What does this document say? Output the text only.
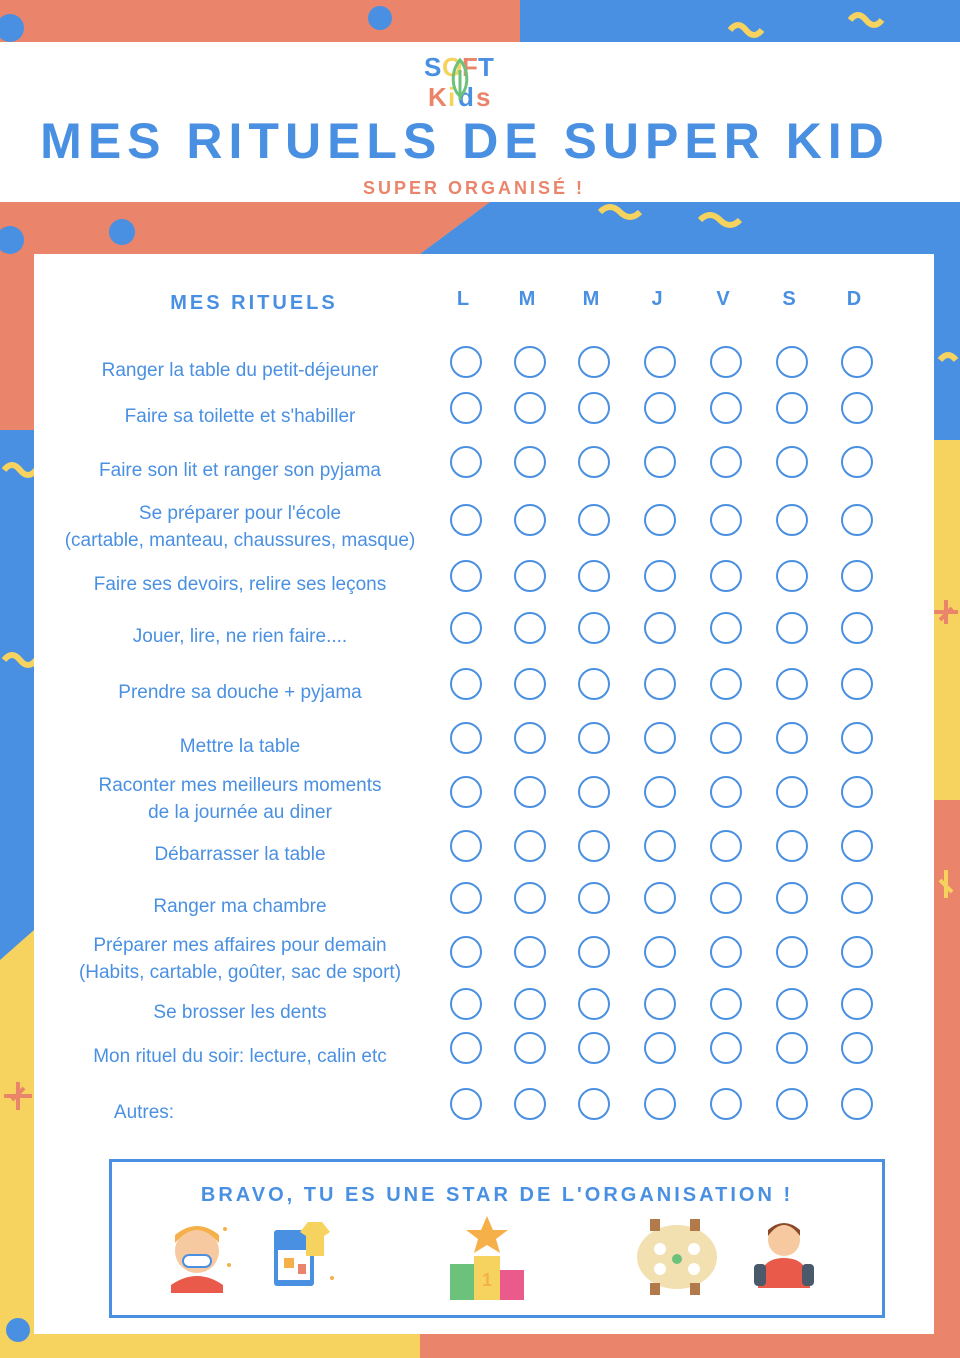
S O F T
K i d s
MES RITUELS DE SUPER KID
SUPER ORGANISÉ !
MES RITUELS	L	M	M	J	V	S	D
Ranger la table du petit-déjeuner
Faire sa toilette et s'habiller
Faire son lit et ranger son pyjama
Se préparer pour l'école
(cartable, manteau, chaussures, masque)
Faire ses devoirs, relire ses leçons
Jouer, lire, ne rien faire....
Prendre sa douche + pyjama
Mettre la table
Raconter mes meilleurs moments
de la journée au diner
Débarrasser la table
Ranger ma chambre
Préparer mes affaires pour demain
(Habits, cartable, goûter, sac de sport)
Se brosser les dents
Mon rituel du soir: lecture, calin etc
Autres:
BRAVO, TU ES UNE STAR DE L'ORGANISATION !
1
